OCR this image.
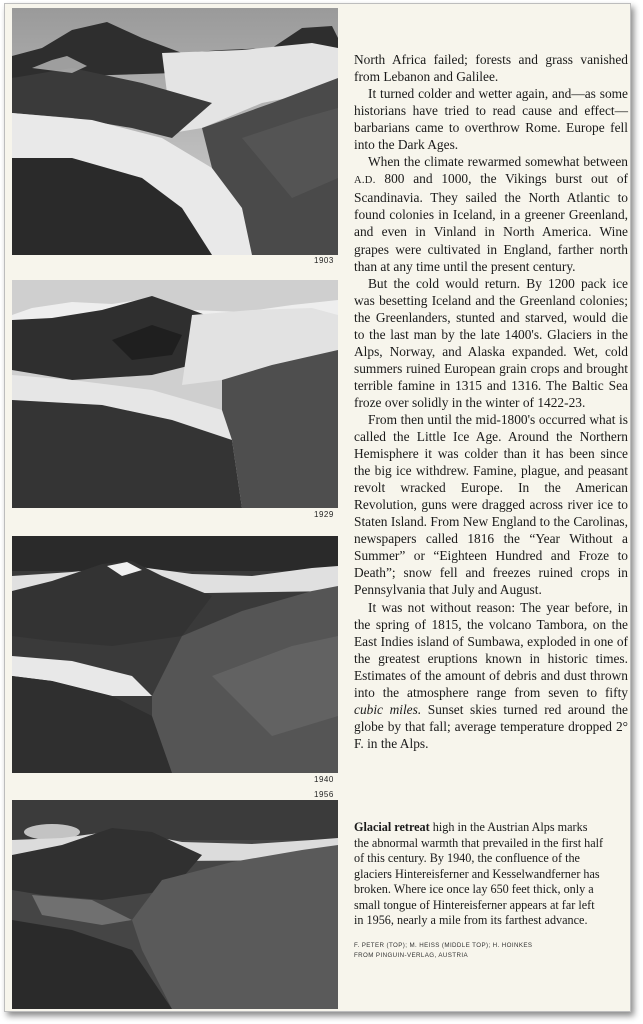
1903
1929
1940
1956

North Africa failed; forests and grass vanished from Lebanon and Galilee.

It turned colder and wetter again, and—as some historians have tried to read cause and effect—barbarians came to overthrow Rome. Europe fell into the Dark Ages.

When the climate rewarmed somewhat between A.D. 800 and 1000, the Vikings burst out of Scandinavia. They sailed the North Atlantic to found colonies in Iceland, in a greener Greenland, and even in Vinland in North America. Wine grapes were cultivated in England, farther north than at any time until the present century.

But the cold would return. By 1200 pack ice was besetting Iceland and the Greenland colonies; the Greenlanders, stunted and starved, would die to the last man by the late 1400's. Glaciers in the Alps, Norway, and Alaska expanded. Wet, cold summers ruined European grain crops and brought terrible famine in 1315 and 1316. The Baltic Sea froze over solidly in the winter of 1422-23.

From then until the mid-1800's occurred what is called the Little Ice Age. Around the Northern Hemisphere it was colder than it has been since the big ice withdrew. Famine, plague, and peasant revolt wracked Europe. In the American Revolution, guns were dragged across river ice to Staten Island. From New England to the Carolinas, newspapers called 1816 the “Year Without a Summer” or “Eighteen Hundred and Froze to Death”; snow fell and freezes ruined crops in Pennsylvania that July and August.

It was not without reason: The year before, in the spring of 1815, the volcano Tambora, on the East Indies island of Sumbawa, exploded in one of the greatest eruptions known in historic times. Estimates of the amount of debris and dust thrown into the atmosphere range from seven to fifty cubic miles. Sunset skies turned red around the globe by that fall; average temperature dropped 2° F. in the Alps.

Glacial retreat high in the Austrian Alps marks the abnormal warmth that prevailed in the first half of this century. By 1940, the confluence of the glaciers Hintereisferner and Kesselwandferner has broken. Where ice once lay 650 feet thick, only a small tongue of Hintereisferner appears at far left in 1956, nearly a mile from its farthest advance.
F. PETER (TOP); M. HEISS (MIDDLE TOP); H. HOINKES
FROM PINGUIN-VERLAG, AUSTRIA
